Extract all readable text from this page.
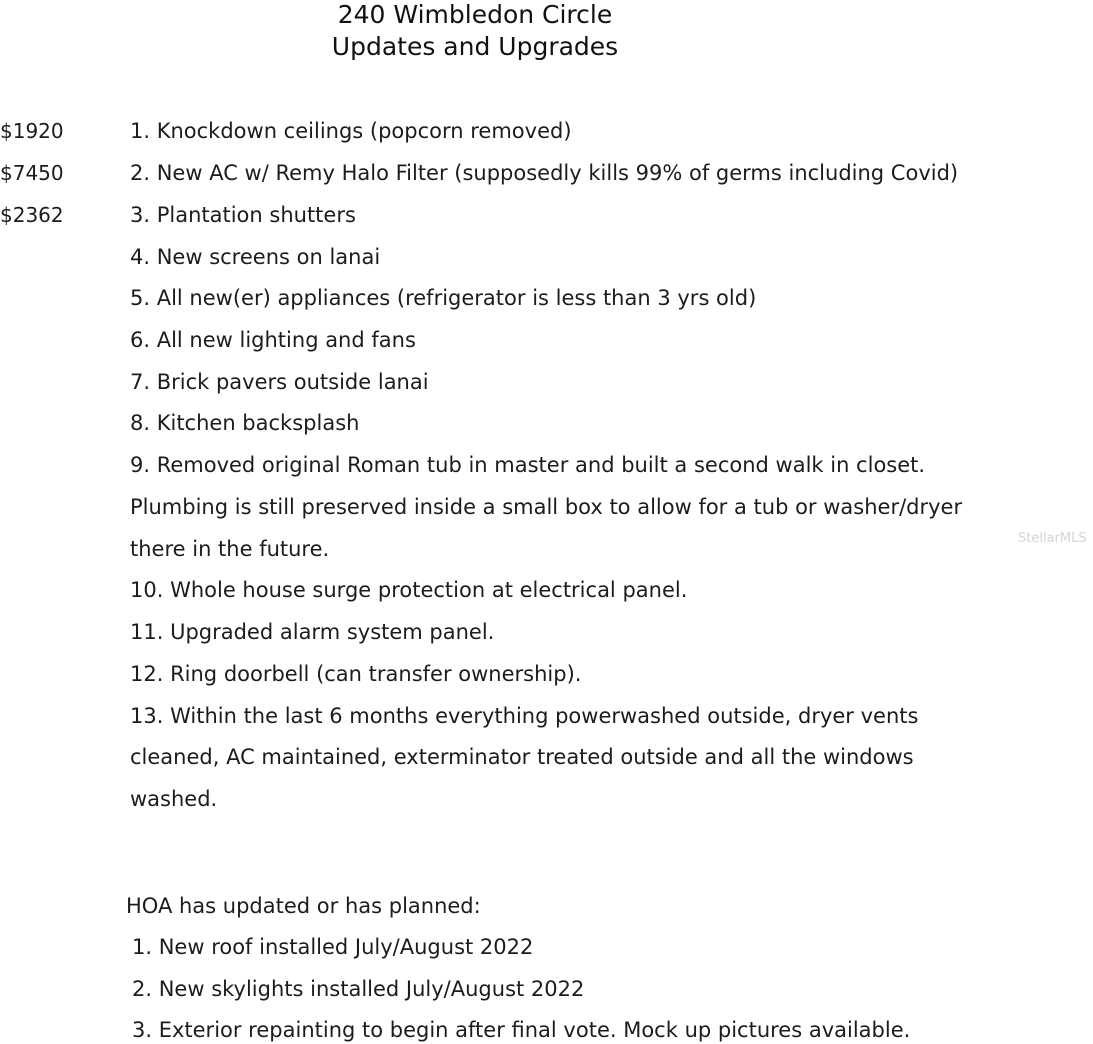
240 Wimbledon Circle
Updates and Upgrades
$1920
$7450
$2362
1. Knockdown ceilings (popcorn removed)
2. New AC w/ Remy Halo Filter (supposedly kills 99% of germs including Covid)
3. Plantation shutters
4. New screens on lanai
5. All new(er) appliances (refrigerator is less than 3 yrs old)
6. All new lighting and fans
7. Brick pavers outside lanai
8. Kitchen backsplash
9. Removed original Roman tub in master and built a second walk in closet.
Plumbing is still preserved inside a small box to allow for a tub or washer/dryer
there in the future.
10. Whole house surge protection at electrical panel.
11. Upgraded alarm system panel.
12. Ring doorbell (can transfer ownership).
13. Within the last 6 months everything powerwashed outside, dryer vents
cleaned, AC maintained, exterminator treated outside and all the windows
washed.
HOA has updated or has planned:
1. New roof installed July/August 2022
2. New skylights installed July/August 2022
3. Exterior repainting to begin after final vote. Mock up pictures available.
StellarMLS
